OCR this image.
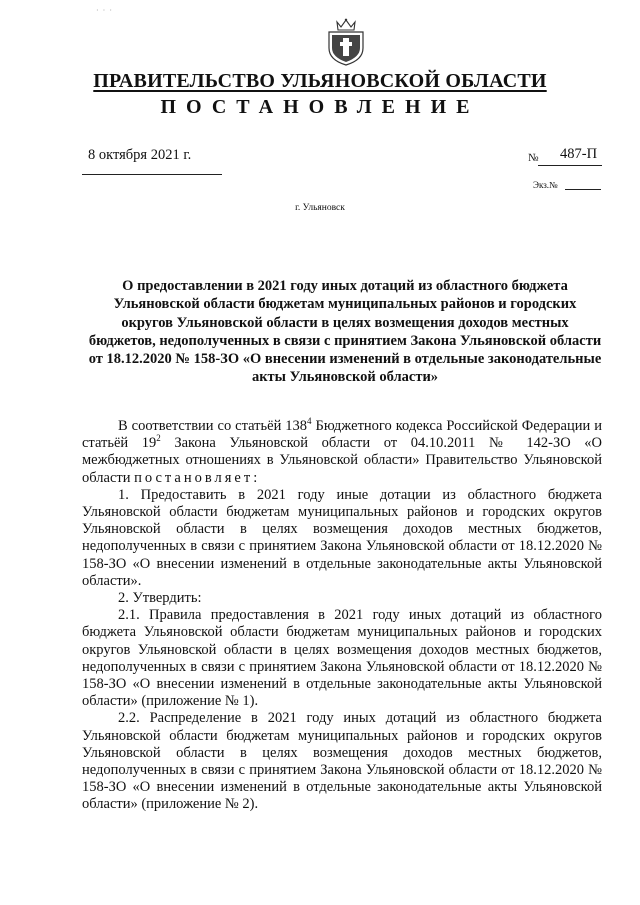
· · ·
ПРАВИТЕЛЬСТВО УЛЬЯНОВСКОЙ ОБЛАСТИ
ПОСТАНОВЛЕНИЕ
8 октября 2021 г.	№ 487-П
Экз.№
г. Ульяновск
О предоставлении в 2021 году иных дотаций из областного бюджета Ульяновской области бюджетам муниципальных районов и городских округов Ульяновской области в целях возмещения доходов местных бюджетов, недополученных в связи с принятием Закона Ульяновской области от 18.12.2020 № 158-ЗО «О внесении изменений в отдельные законодательные акты Ульяновской области»

В соответствии со статьёй $138^4$ Бюджетного кодекса Российской Федерации и статьёй $19^2$ Закона Ульяновской области от 04.10.2011 № 142-ЗО «О межбюджетных отношениях в Ульяновской области» Правительство Ульяновской области постановляет:

1. Предоставить в 2021 году иные дотации из областного бюджета Ульяновской области бюджетам муниципальных районов и городских округов Ульяновской области в целях возмещения доходов местных бюджетов, недополученных в связи с принятием Закона Ульяновской области от 18.12.2020 № 158-ЗО «О внесении изменений в отдельные законодательные акты Ульяновской области».

2. Утвердить:

2.1. Правила предоставления в 2021 году иных дотаций из областного бюджета Ульяновской области бюджетам муниципальных районов и городских округов Ульяновской области в целях возмещения доходов местных бюджетов, недополученных в связи с принятием Закона Ульяновской области от 18.12.2020 № 158-ЗО «О внесении изменений в отдельные законодательные акты Ульяновской области» (приложение № 1).

2.2. Распределение в 2021 году иных дотаций из областного бюджета Ульяновской области бюджетам муниципальных районов и городских округов Ульяновской области в целях возмещения доходов местных бюджетов, недополученных в связи с принятием Закона Ульяновской области от 18.12.2020 № 158-ЗО «О внесении изменений в отдельные законодательные акты Ульяновской области» (приложение № 2).
